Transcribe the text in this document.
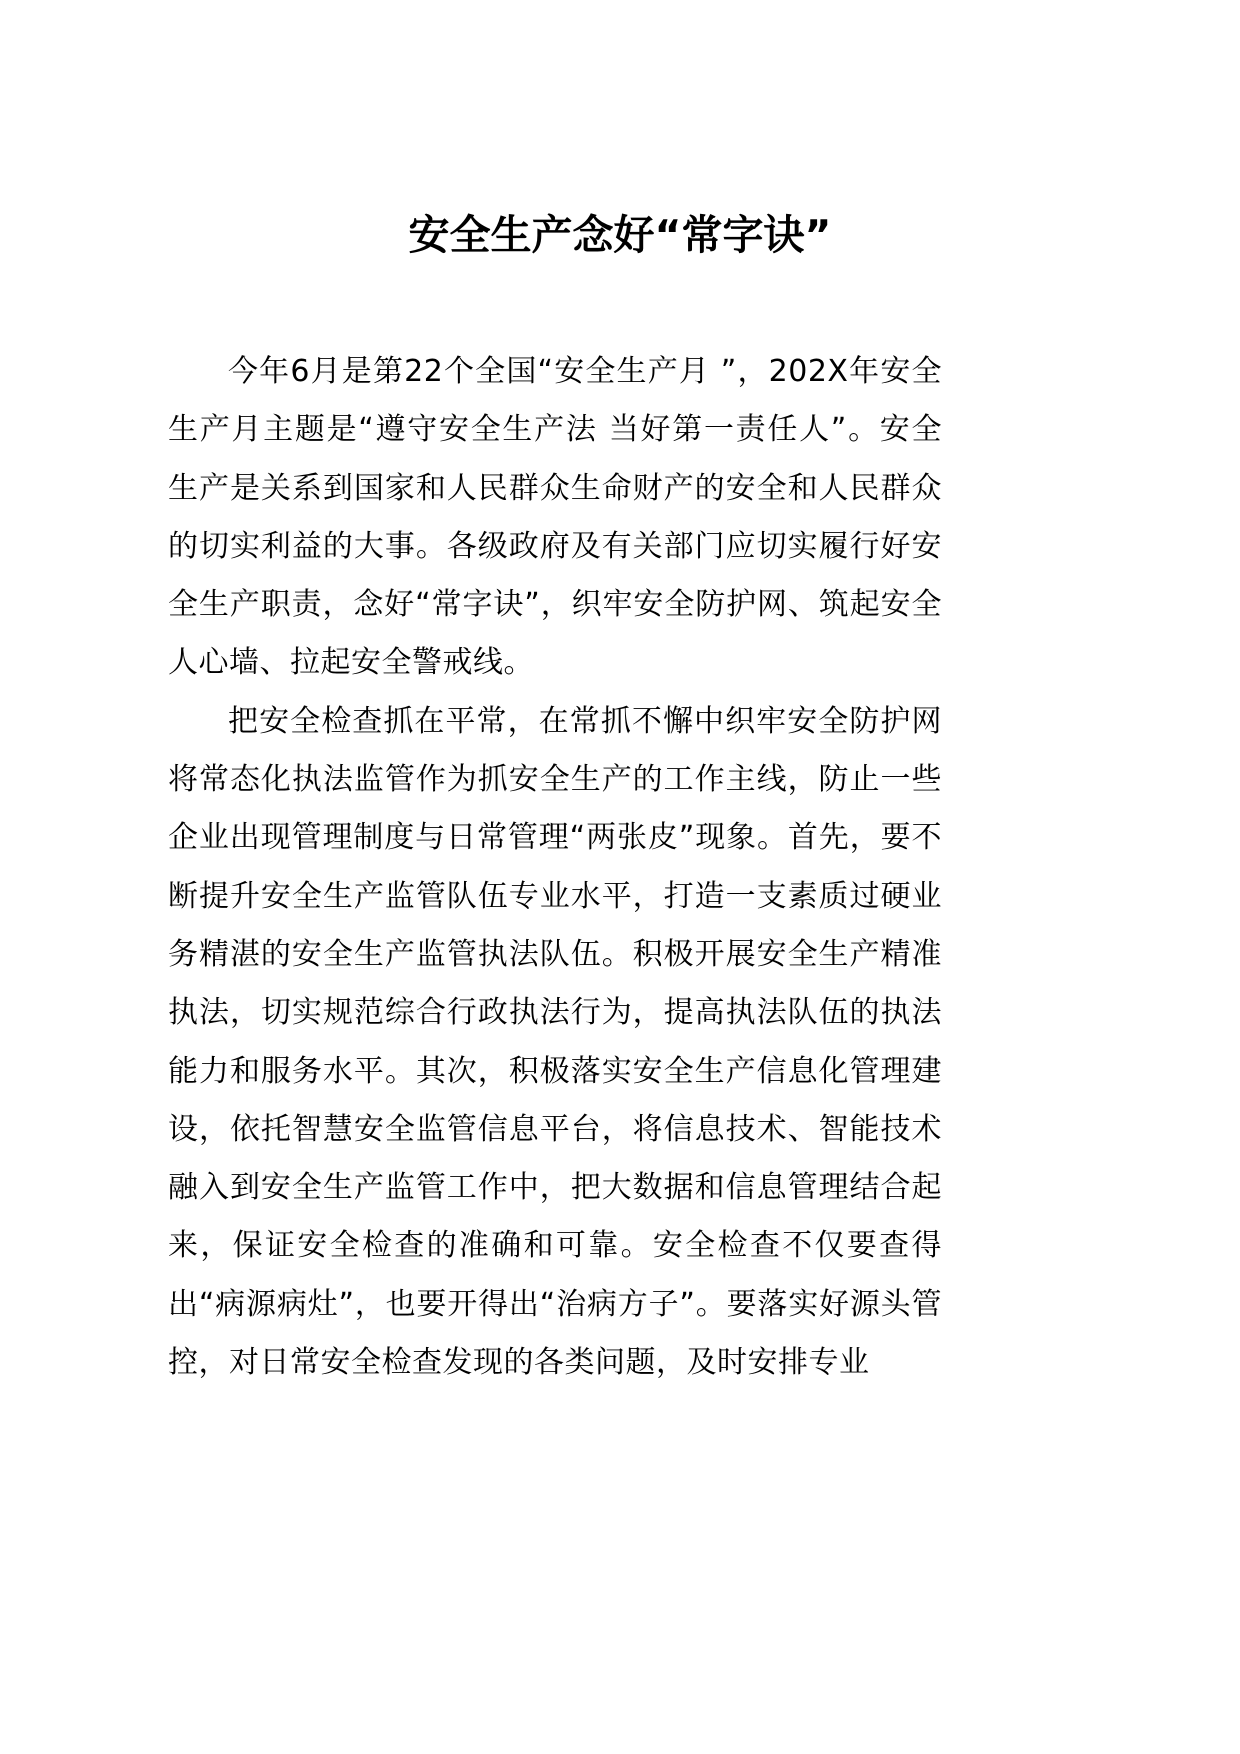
安全生产念好“常字诀”

今年6月是第22个全国“安全生产月 ”，202X年安全生产月主题是“遵守安全生产法 当好第一责任人”。安全生产是关系到国家和人民群众生命财产的安全和人民群众的切实利益的大事。各级政府及有关部门应切实履行好安全生产职责，念好“常字诀”，织牢安全防护网、筑起安全人心墙、拉起安全警戒线。

把安全检查抓在平常，在常抓不懈中织牢安全防护网将常态化执法监管作为抓安全生产的工作主线，防止一些企业出现管理制度与日常管理“两张皮”现象。首先，要不断提升安全生产监管队伍专业水平，打造一支素质过硬业务精湛的安全生产监管执法队伍。积极开展安全生产精准执法，切实规范综合行政执法行为，提高执法队伍的执法能力和服务水平。其次，积极落实安全生产信息化管理建设，依托智慧安全监管信息平台，将信息技术、智能技术融入到安全生产监管工作中，把大数据和信息管理结合起来，保证安全检查的准确和可靠。安全检查不仅要查得出“病源病灶”，也要开得出“治病方子”。要落实好源头管控，对日常安全检查发现的各类问题，及时安排专业
